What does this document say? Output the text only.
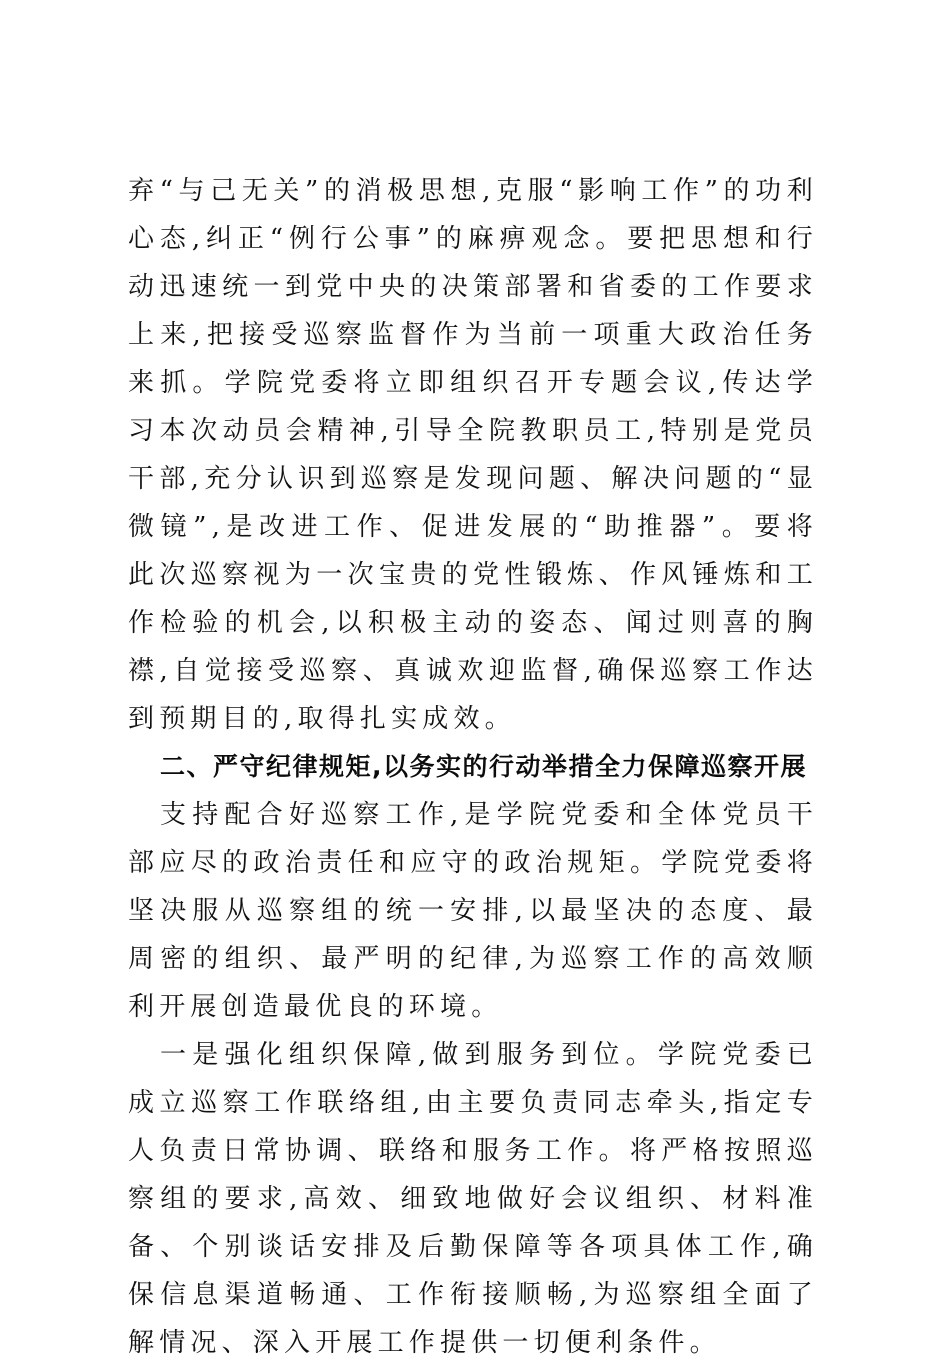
弃“与己无关”的消极思想,克服“影响工作”的功利心态,纠正“例行公事”的麻痹观念。要把思想和行动迅速统一到党中央的决策部署和省委的工作要求上来,把接受巡察监督作为当前一项重大政治任务来抓。学院党委将立即组织召开专题会议,传达学习本次动员会精神,引导全院教职员工,特别是党员干部,充分认识到巡察是发现问题、解决问题的“显微镜”,是改进工作、促进发展的“助推器”。要将此次巡察视为一次宝贵的党性锻炼、作风锤炼和工作检验的机会,以积极主动的姿态、闻过则喜的胸襟,自觉接受巡察、真诚欢迎监督,确保巡察工作达到预期目的,取得扎实成效。

二、严守纪律规矩,以务实的行动举措全力保障巡察开展

支持配合好巡察工作,是学院党委和全体党员干部应尽的政治责任和应守的政治规矩。学院党委将坚决服从巡察组的统一安排,以最坚决的态度、最周密的组织、最严明的纪律,为巡察工作的高效顺利开展创造最优良的环境。

一是强化组织保障,做到服务到位。学院党委已成立巡察工作联络组,由主要负责同志牵头,指定专人负责日常协调、联络和服务工作。将严格按照巡察组的要求,高效、细致地做好会议组织、材料准备、个别谈话安排及后勤保障等各项具体工作,确保信息渠道畅通、工作衔接顺畅,为巡察组全面了解情况、深入开展工作提供一切便利条件。
